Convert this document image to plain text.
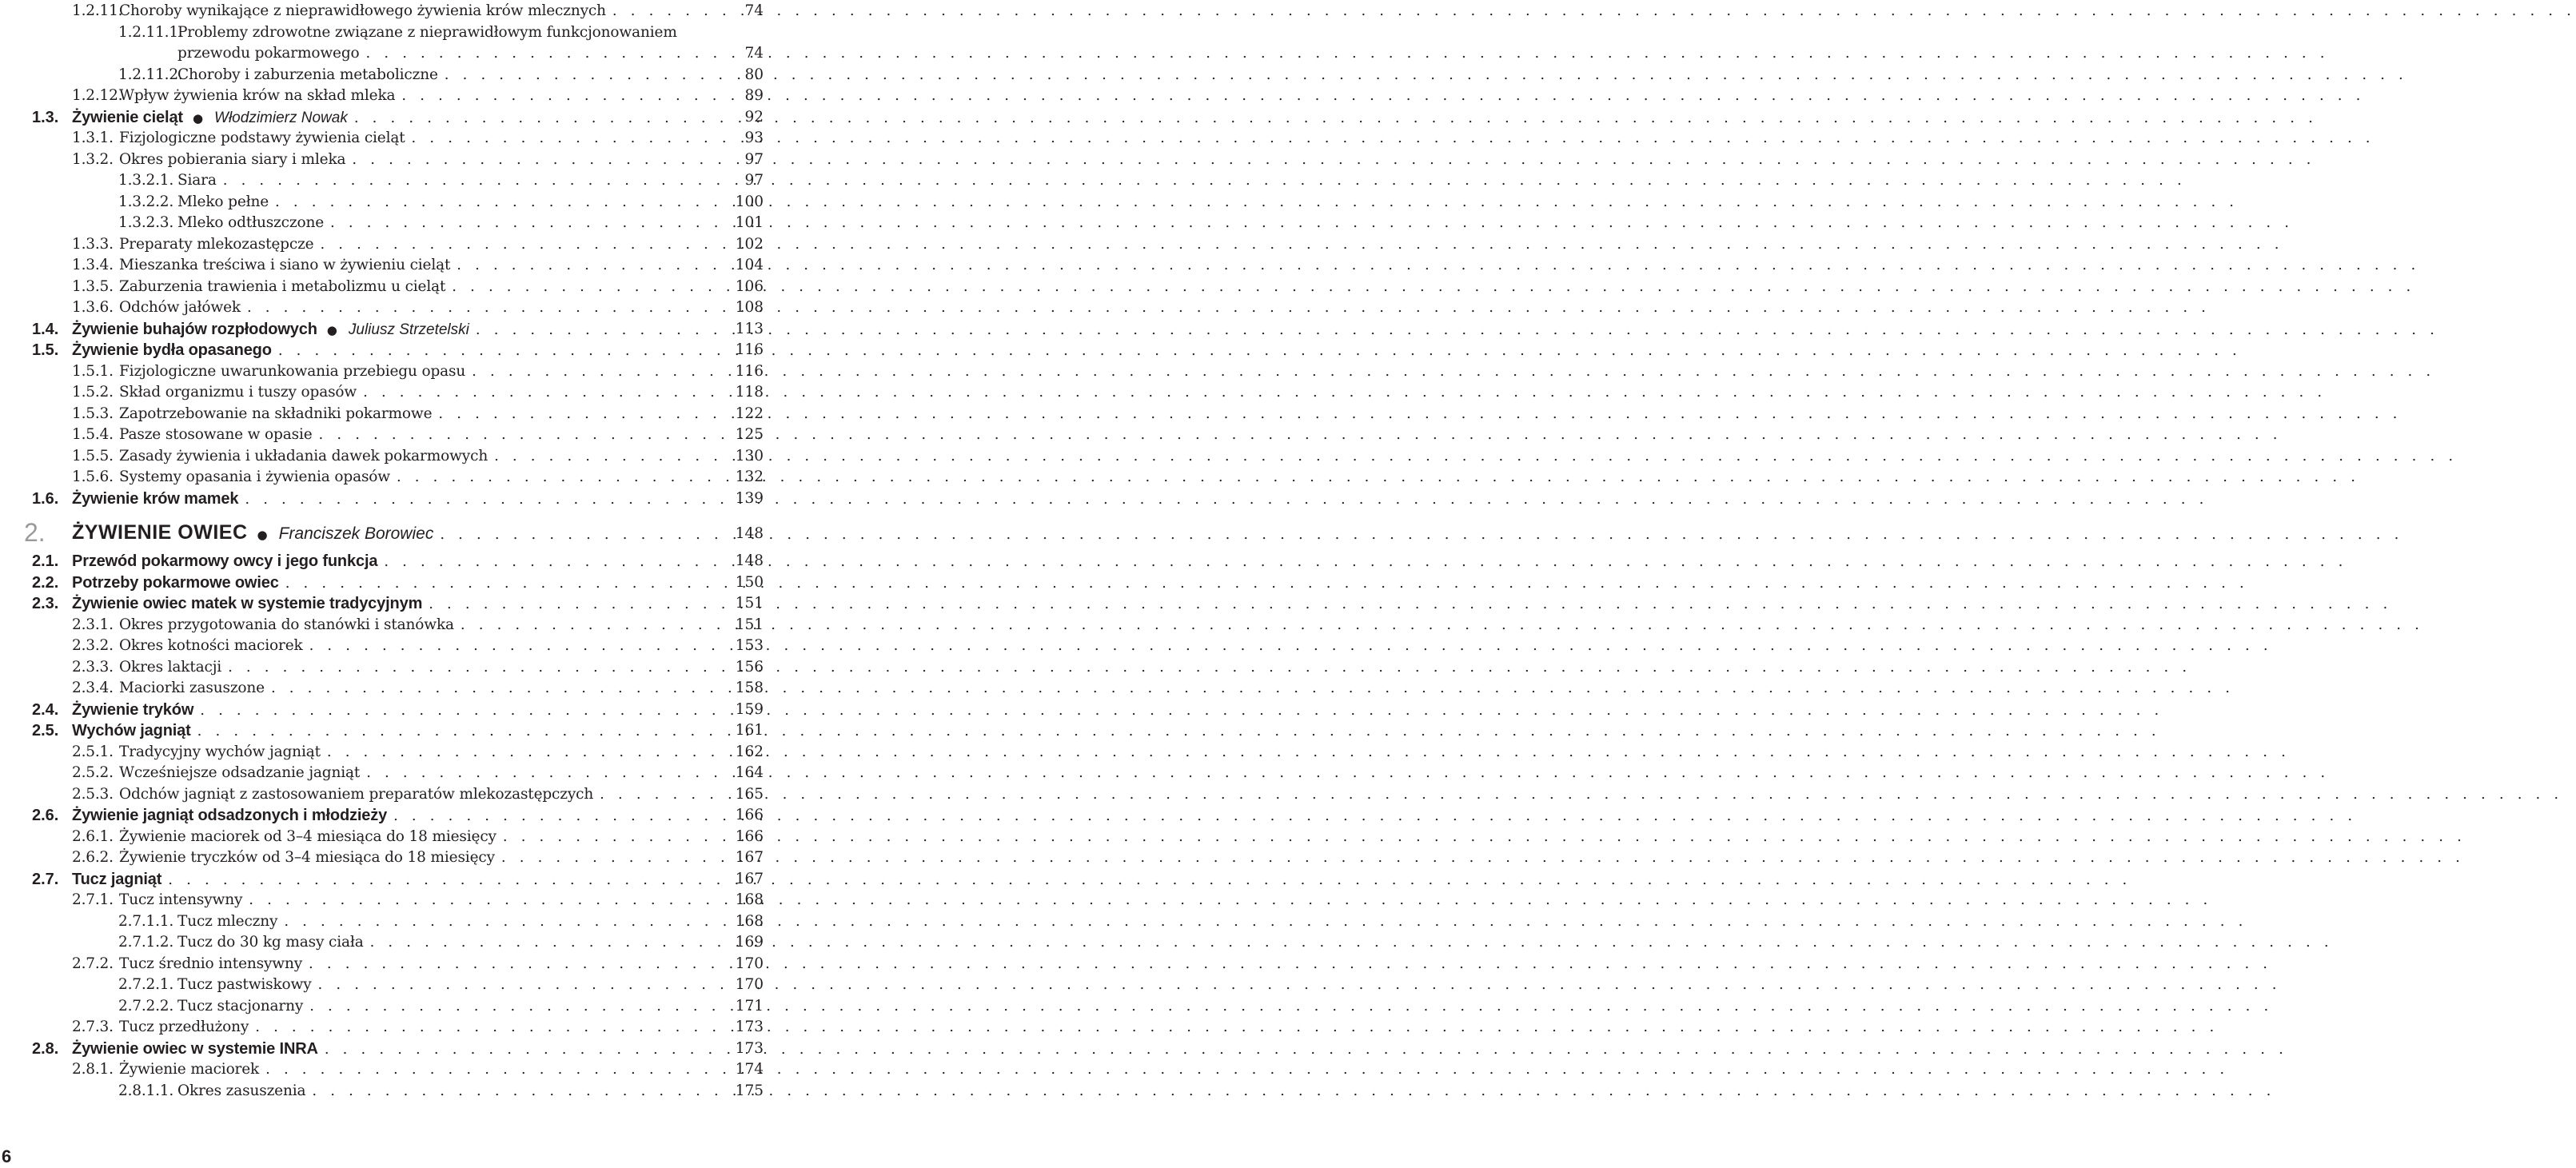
1.2.11.
Choroby wynikające z nieprawidłowego żywienia krów mlecznych . . .	74
1.2.11.1.
Problemy zdrowotne związane z nieprawidłowym funkcjonowaniem
przewodu pokarmowego . . .	74
1.2.11.2.
Choroby i zaburzenia metaboliczne . . .	80
1.2.12.
Wpływ żywienia krów na skład mleka . . .	89
1.3. Żywienie cieląt ● Włodzimierz Nowak . . .	92
1.3.1. Fizjologiczne podstawy żywienia cieląt . . .	93
1.3.2. Okres pobierania siary i mleka . . .	97
1.3.2.1. Siara . . .	97
1.3.2.2. Mleko pełne . . .	100
1.3.2.3. Mleko odtłuszczone . . .	101
1.3.3. Preparaty mlekozastępcze . . .	102
1.3.4. Mieszanka treściwa i siano w żywieniu cieląt . . .	104
1.3.5. Zaburzenia trawienia i metabolizmu u cieląt . . .	106
1.3.6. Odchów jałówek . . .	108
1.4. Żywienie buhajów rozpłodowych ● Juliusz Strzetelski . . .	113
1.5. Żywienie bydła opasanego . . .	116
1.5.1. Fizjologiczne uwarunkowania przebiegu opasu . . .	116
1.5.2. Skład organizmu i tuszy opasów . . .	118
1.5.3. Zapotrzebowanie na składniki pokarmowe . . .	122
1.5.4. Pasze stosowane w opasie . . .	125
1.5.5. Zasady żywienia i układania dawek pokarmowych . . .	130
1.5.6. Systemy opasania i żywienia opasów . . .	132
1.6. Żywienie krów mamek . . .	139
2. ŻYWIENIE OWIEC ● Franciszek Borowiec . . .	148
2.1. Przewód pokarmowy owcy i jego funkcja . . .	148
2.2. Potrzeby pokarmowe owiec . . .	150
2.3. Żywienie owiec matek w systemie tradycyjnym . . .	151
2.3.1. Okres przygotowania do stanówki i stanówka . . .	151
2.3.2. Okres kotności maciorek . . .	153
2.3.3. Okres laktacji . . .	156
2.3.4. Maciorki zasuszone . . .	158
2.4. Żywienie tryków . . .	159
2.5. Wychów jagniąt . . .	161
2.5.1. Tradycyjny wychów jagniąt . . .	162
2.5.2. Wcześniejsze odsadzanie jagniąt . . .	164
2.5.3. Odchów jagniąt z zastosowaniem preparatów mlekozastępczych . . .	165
2.6. Żywienie jagniąt odsadzonych i młodzieży . . .	166
2.6.1. Żywienie maciorek od 3–4 miesiąca do 18 miesięcy . . .	166
2.6.2. Żywienie tryczków od 3–4 miesiąca do 18 miesięcy . . .	167
2.7. Tucz jagniąt . . .	167
2.7.1. Tucz intensywny . . .	168
2.7.1.1. Tucz mleczny . . .	168
2.7.1.2. Tucz do 30 kg masy ciała . . .	169
2.7.2. Tucz średnio intensywny . . .	170
2.7.2.1. Tucz pastwiskowy . . .	170
2.7.2.2. Tucz stacjonarny . . .	171
2.7.3. Tucz przedłużony . . .	173
2.8. Żywienie owiec w systemie INRA . . .	173
2.8.1. Żywienie maciorek . . .	174
2.8.1.1. Okres zasuszenia . . .	175
6
